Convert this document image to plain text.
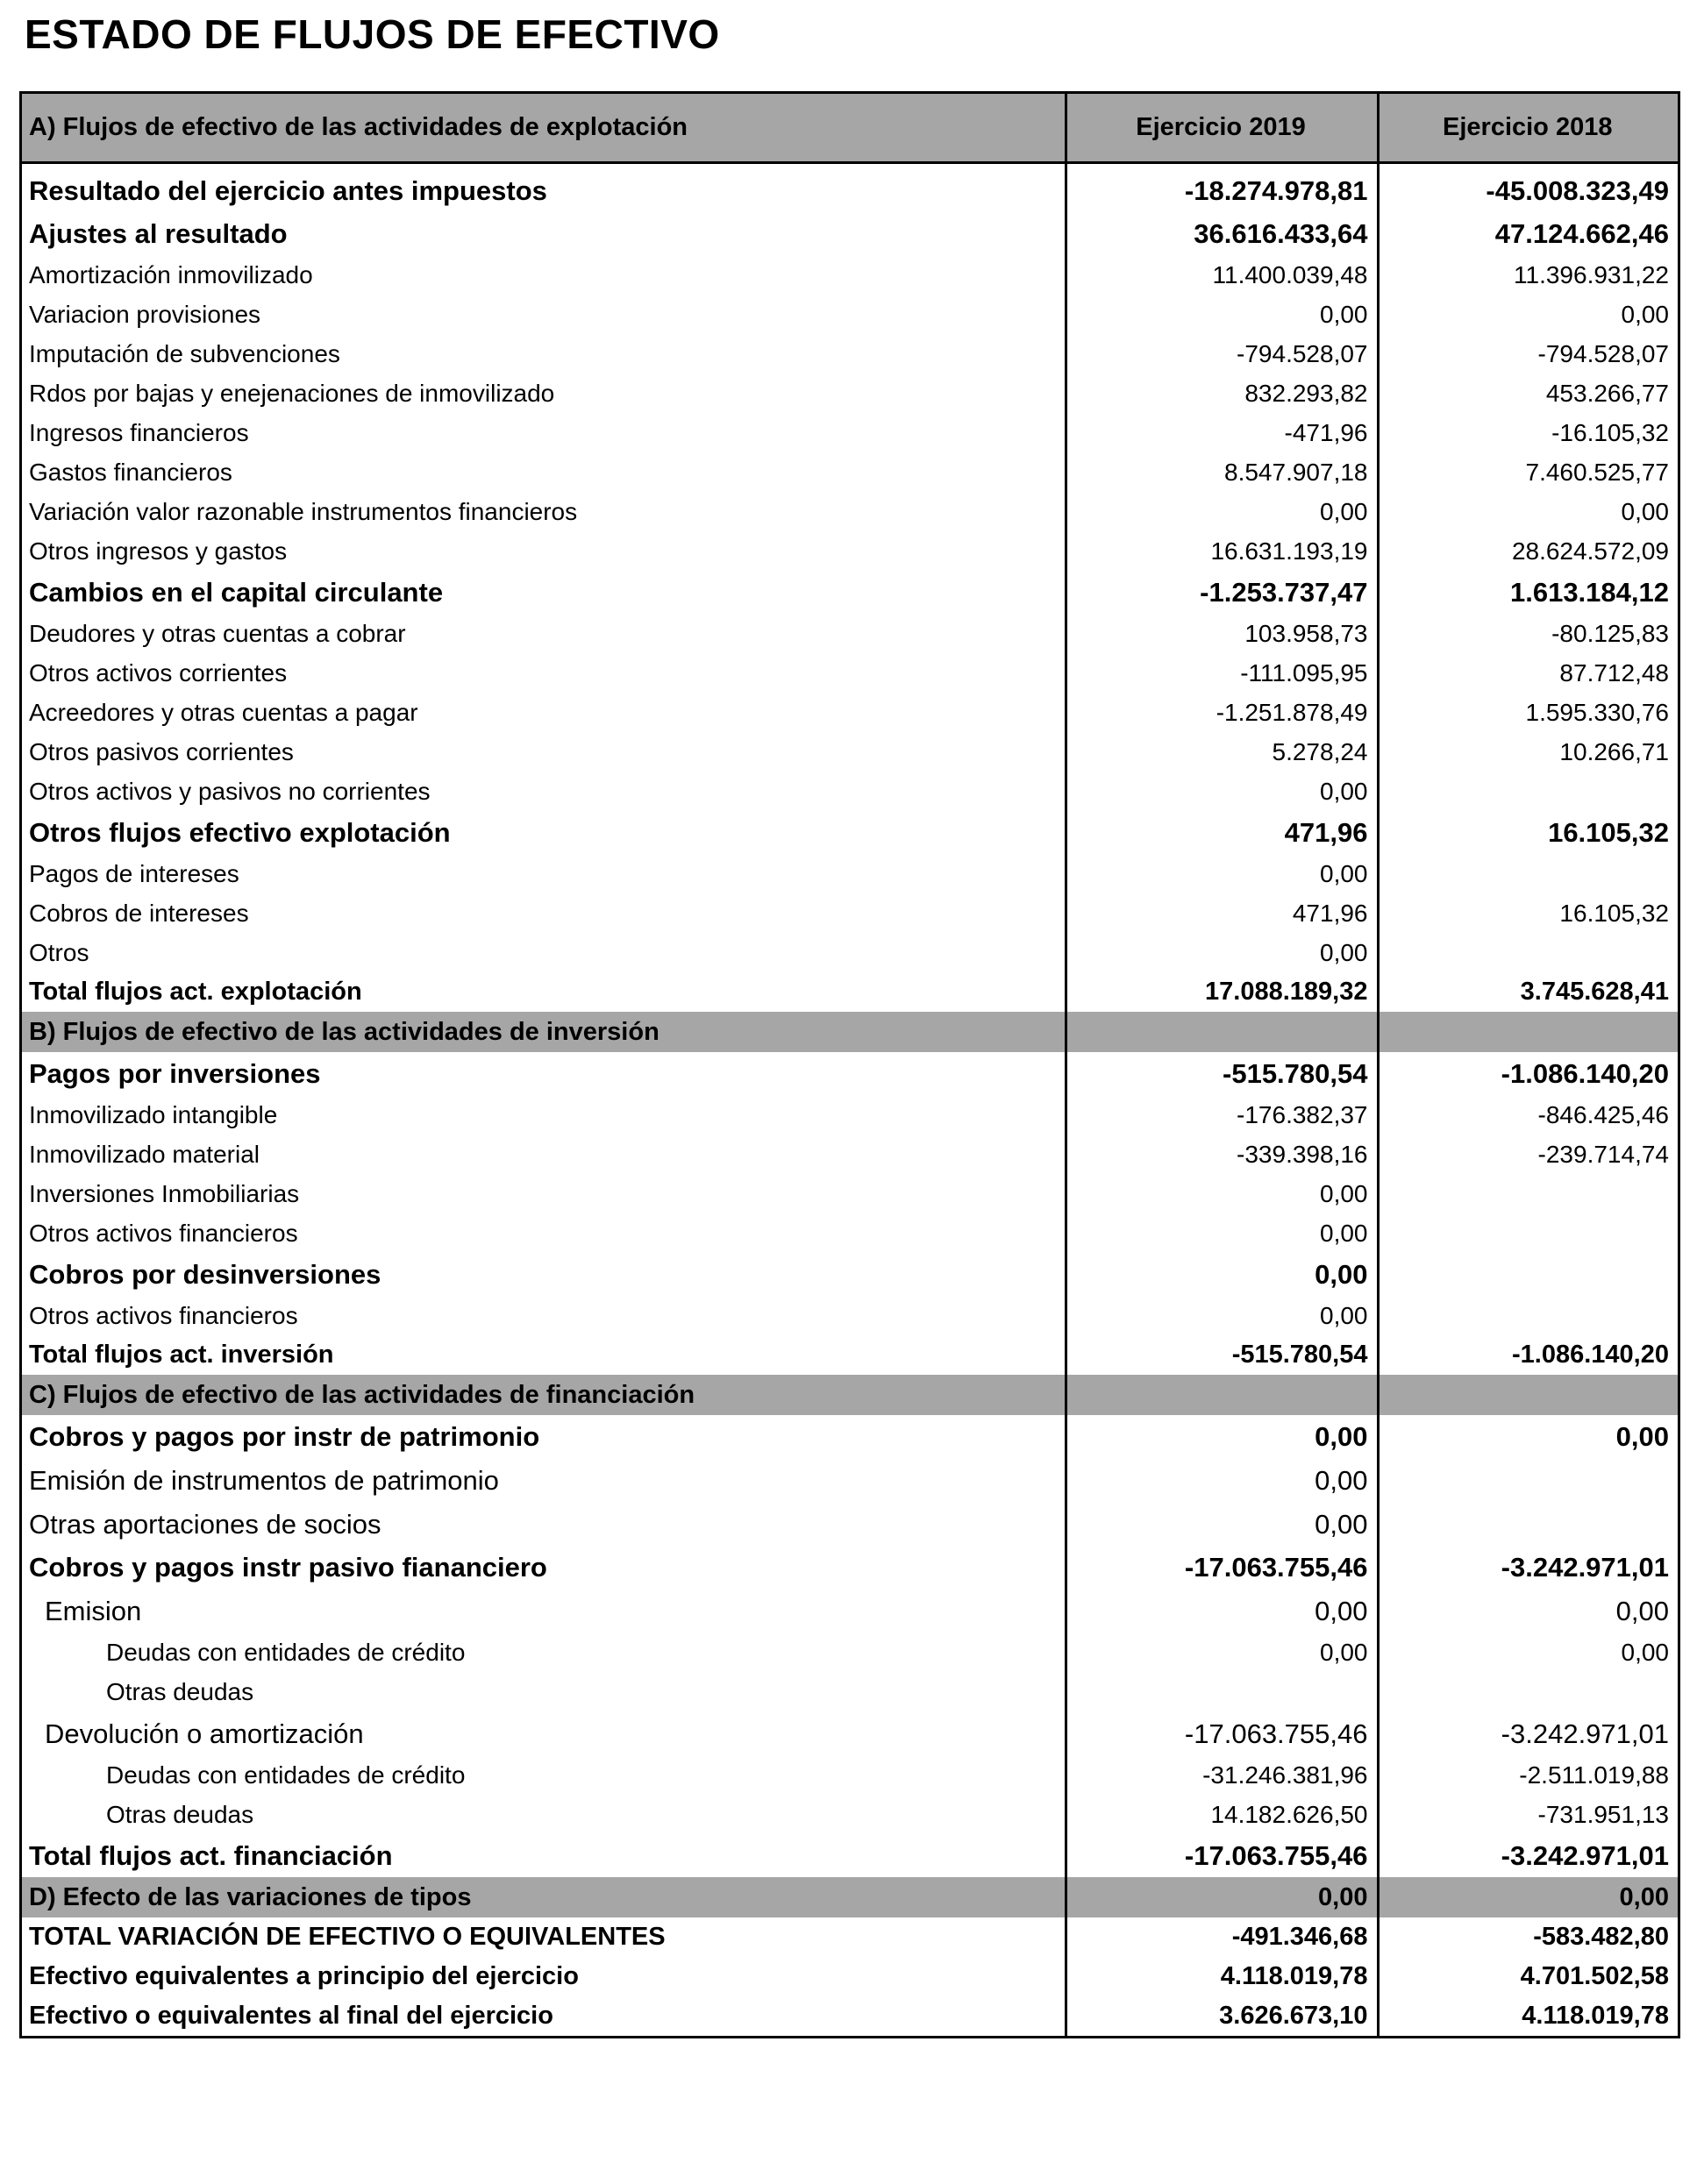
ESTADO DE FLUJOS DE EFECTIVO
A) Flujos de efectivo de las actividades de explotación	Ejercicio 2019	Ejercicio 2018
Resultado del ejercicio antes impuestos	-18.274.978,81	-45.008.323,49
Ajustes al resultado	36.616.433,64	47.124.662,46
Amortización inmovilizado	11.400.039,48	11.396.931,22
Variacion provisiones	0,00	0,00
Imputación de subvenciones	-794.528,07	-794.528,07
Rdos por bajas y enejenaciones de inmovilizado	832.293,82	453.266,77
Ingresos financieros	-471,96	-16.105,32
Gastos financieros	8.547.907,18	7.460.525,77
Variación valor razonable instrumentos financieros	0,00	0,00
Otros ingresos y gastos	16.631.193,19	28.624.572,09
Cambios en el capital circulante	-1.253.737,47	1.613.184,12
Deudores y otras cuentas a cobrar	103.958,73	-80.125,83
Otros activos corrientes	-111.095,95	87.712,48
Acreedores y otras cuentas a pagar	-1.251.878,49	1.595.330,76
Otros pasivos corrientes	5.278,24	10.266,71
Otros activos y pasivos no corrientes	0,00	
Otros flujos efectivo explotación	471,96	16.105,32
Pagos de intereses	0,00	
Cobros de intereses	471,96	16.105,32
Otros	0,00	
Total flujos act. explotación	17.088.189,32	3.745.628,41
B) Flujos de efectivo de las actividades de inversión		
Pagos por inversiones	-515.780,54	-1.086.140,20
Inmovilizado intangible	-176.382,37	-846.425,46
Inmovilizado material	-339.398,16	-239.714,74
Inversiones Inmobiliarias	0,00	
Otros activos financieros	0,00	
Cobros por desinversiones	0,00	
Otros activos financieros	0,00	
Total flujos act. inversión	-515.780,54	-1.086.140,20
C) Flujos de efectivo de las actividades de financiación		
Cobros y pagos por instr de patrimonio	0,00	0,00
Emisión de instrumentos de patrimonio	0,00	
Otras aportaciones de socios	0,00	
Cobros y pagos instr pasivo fiananciero	-17.063.755,46	-3.242.971,01
Emision	0,00	0,00
Deudas con entidades de crédito	0,00	0,00
Otras deudas		
Devolución o amortización	-17.063.755,46	-3.242.971,01
Deudas con entidades de crédito	-31.246.381,96	-2.511.019,88
Otras deudas	14.182.626,50	-731.951,13
Total flujos act. financiación	-17.063.755,46	-3.242.971,01
D) Efecto de las variaciones de tipos	0,00	0,00
TOTAL VARIACIÓN DE EFECTIVO O EQUIVALENTES	-491.346,68	-583.482,80
Efectivo equivalentes a principio del ejercicio	4.118.019,78	4.701.502,58
Efectivo o equivalentes al final del ejercicio	3.626.673,10	4.118.019,78
